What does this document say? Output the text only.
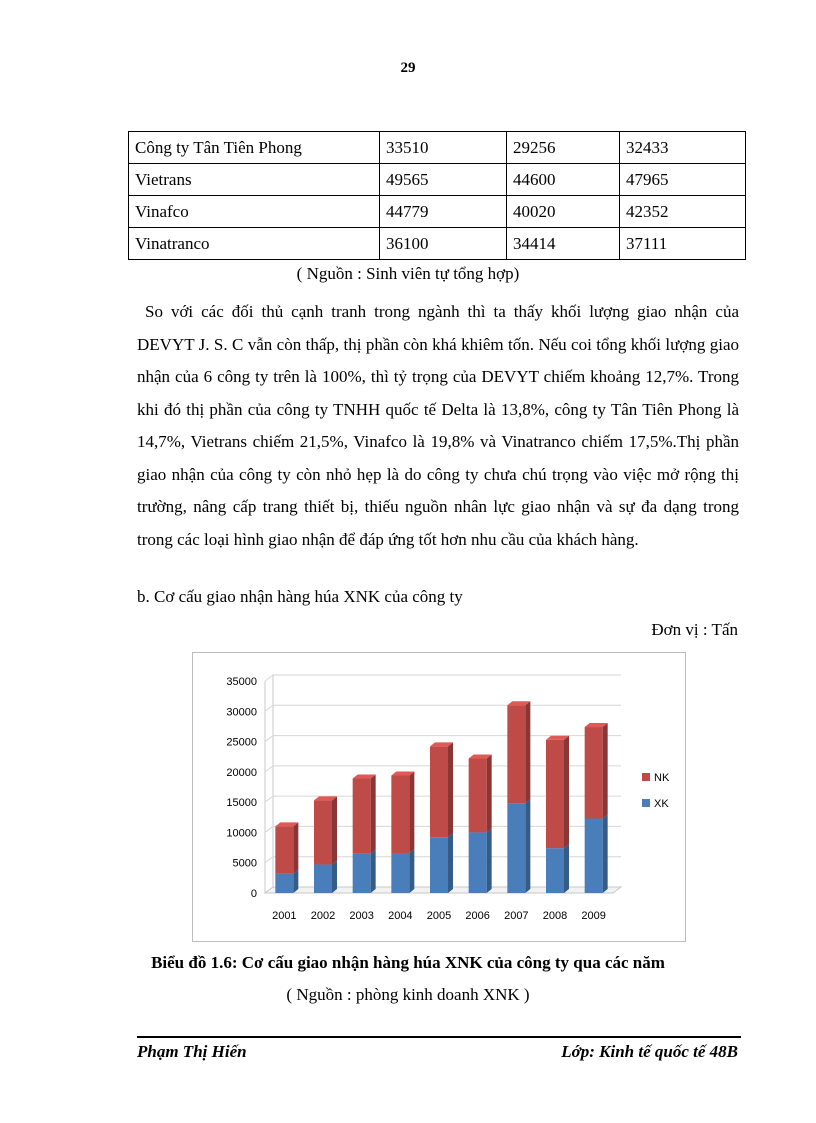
29
Công ty Tân Tiên Phong	33510	29256	32433
Vietrans	49565	44600	47965
Vinafco	44779	40020	42352
Vinatranco	36100	34414	37111
( Nguồn : Sinh viên tự tổng hợp)
So với các đối thủ cạnh tranh trong ngành thì ta thấy khối lượng giao nhận của DEVYT J. S. C vẫn còn thấp, thị phần còn khá khiêm tốn. Nếu coi tổng khối lượng giao nhận của 6 công ty trên là 100%, thì tỷ trọng của DEVYT chiếm khoảng 12,7%. Trong khi đó thị phần của công ty TNHH quốc tế Delta là 13,8%, công ty Tân Tiên Phong là 14,7%, Vietrans chiếm 21,5%, Vinafco là 19,8% và Vinatranco chiếm 17,5%.Thị phần giao nhận của công ty còn nhỏ hẹp là do công ty chưa chú trọng vào việc mở rộng thị trường, nâng cấp trang thiết bị, thiếu nguồn nhân lực giao nhận và sự đa dạng trong trong các loại hình giao nhận để đáp ứng tốt hơn nhu cầu của khách hàng.
b. Cơ cấu giao nhận hàng húa XNK của công ty
Đơn vị : Tấn
0
5000
10000
15000
20000
25000
30000
35000
2001 2002 2003 2004 2005 2006 2007 2008 2009
NK
XK
Biểu đồ 1.6: Cơ cấu giao nhận hàng húa XNK của công ty qua các năm
( Nguồn : phòng kinh doanh XNK )
Phạm Thị Hiến	Lớp: Kinh tế quốc tế 48B
